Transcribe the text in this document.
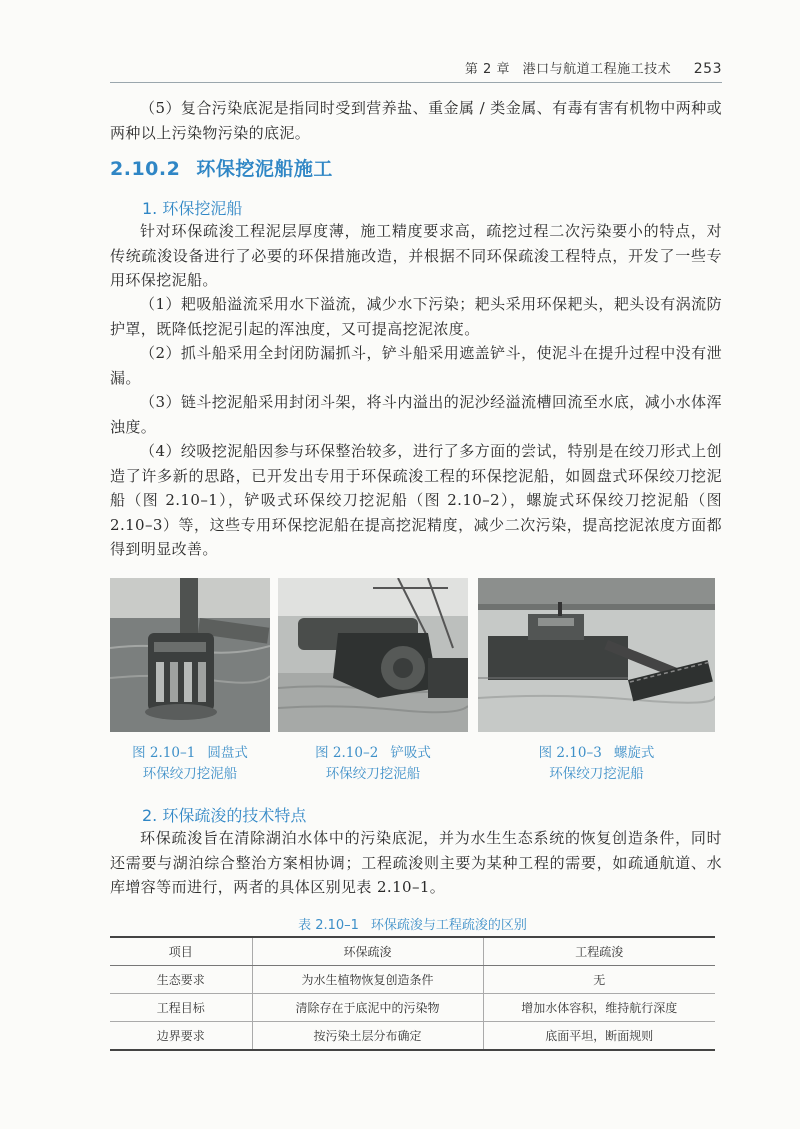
第 2 章 港口与航道工程施工技术 253
（5）复合污染底泥是指同时受到营养盐、重金属 / 类金属、有毒有害有机物中两种或两种以上污染物污染的底泥。
2.10.2 环保挖泥船施工
1. 环保挖泥船
针对环保疏浚工程泥层厚度薄，施工精度要求高，疏挖过程二次污染要小的特点，对传统疏浚设备进行了必要的环保措施改造，并根据不同环保疏浚工程特点，开发了一些专用环保挖泥船。
（1）耙吸船溢流采用水下溢流，减少水下污染；耙头采用环保耙头，耙头设有涡流防护罩，既降低挖泥引起的浑浊度，又可提高挖泥浓度。
（2）抓斗船采用全封闭防漏抓斗，铲斗船采用遮盖铲斗，使泥斗在提升过程中没有泄漏。
（3）链斗挖泥船采用封闭斗架，将斗内溢出的泥沙经溢流槽回流至水底，减小水体浑浊度。
（4）绞吸挖泥船因参与环保整治较多，进行了多方面的尝试，特别是在绞刀形式上创造了许多新的思路，已开发出专用于环保疏浚工程的环保挖泥船，如圆盘式环保绞刀挖泥船（图 2.10–1），铲吸式环保绞刀挖泥船（图 2.10–2），螺旋式环保绞刀挖泥船（图 2.10–3）等，这些专用环保挖泥船在提高挖泥精度，减少二次污染，提高挖泥浓度方面都得到明显改善。
图 2.10–1 圆盘式
环保绞刀挖泥船
图 2.10–2 铲吸式
环保绞刀挖泥船
图 2.10–3 螺旋式
环保绞刀挖泥船
2. 环保疏浚的技术特点
环保疏浚旨在清除湖泊水体中的污染底泥，并为水生生态系统的恢复创造条件，同时还需要与湖泊综合整治方案相协调；工程疏浚则主要为某种工程的需要，如疏通航道、水库增容等而进行，两者的具体区别见表 2.10–1。
表 2.10–1 环保疏浚与工程疏浚的区别
项目	环保疏浚	工程疏浚
生态要求	为水生植物恢复创造条件	无
工程目标	清除存在于底泥中的污染物	增加水体容积，维持航行深度
边界要求	按污染土层分布确定	底面平坦，断面规则
